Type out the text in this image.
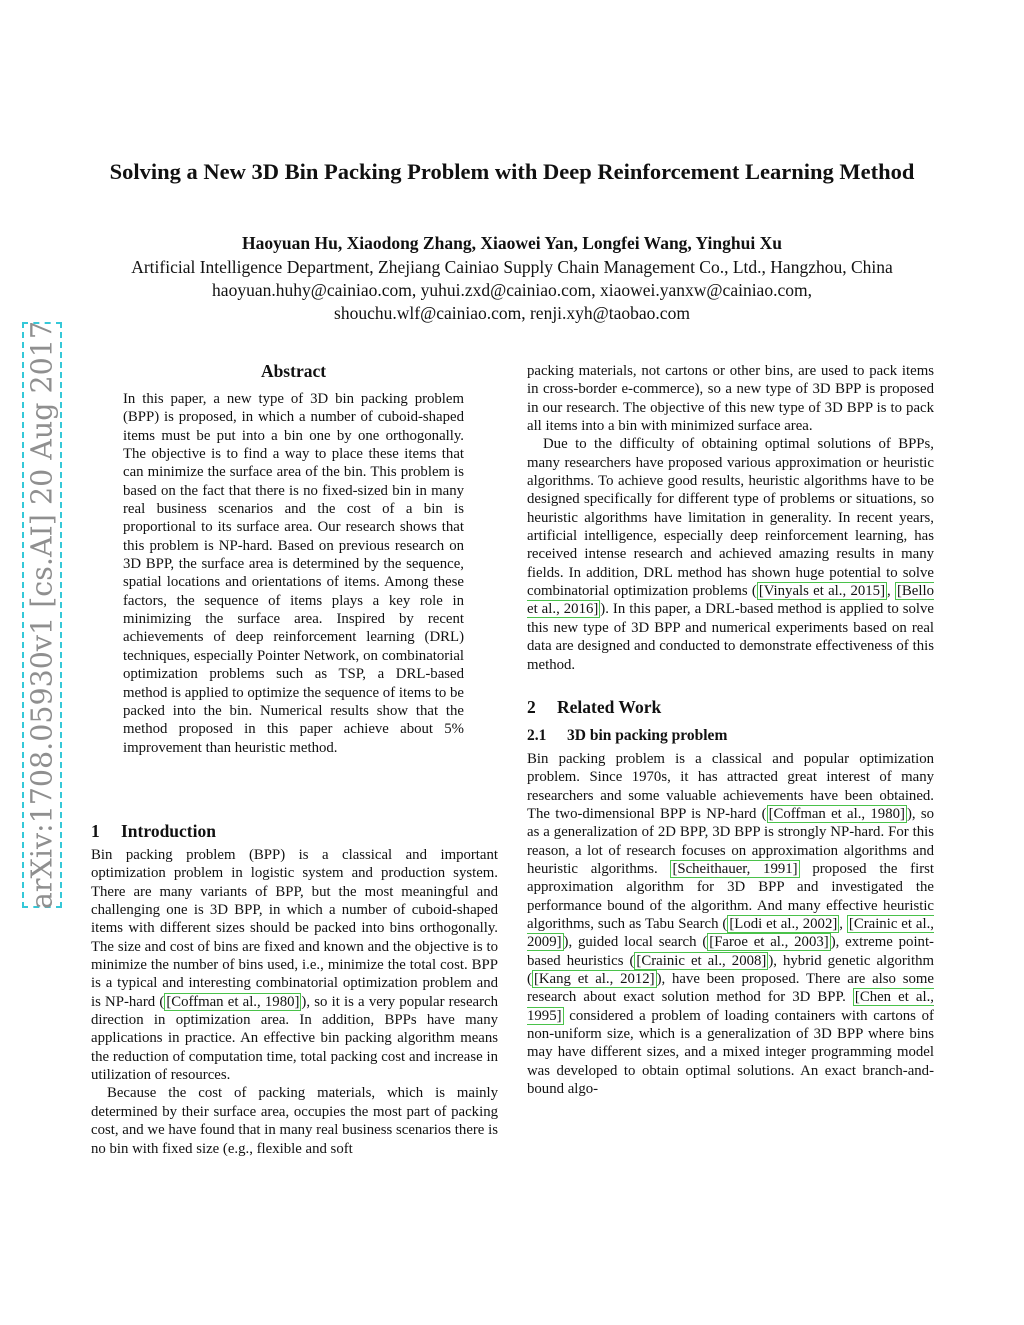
Solving a New 3D Bin Packing Problem with Deep Reinforcement Learning Method
Haoyuan Hu, Xiaodong Zhang, Xiaowei Yan, Longfei Wang, Yinghui Xu
Artificial Intelligence Department, Zhejiang Cainiao Supply Chain Management Co., Ltd., Hangzhou, China
haoyuan.huhy@cainiao.com, yuhui.zxd@cainiao.com, xiaowei.yanxw@cainiao.com,
shouchu.wlf@cainiao.com, renji.xyh@taobao.com
arXiv:1708.05930v1 [cs.AI] 20 Aug 2017	Abstract

In this paper, a new type of 3D bin packing problem (BPP) is proposed, in which a number of cuboid-shaped items must be put into a bin one by one orthogonally. The objective is to find a way to place these items that can minimize the surface area of the bin. This problem is based on the fact that there is no fixed-sized bin in many real business scenarios and the cost of a bin is proportional to its surface area. Our research shows that this problem is NP-hard. Based on previous research on 3D BPP, the surface area is determined by the sequence, spatial locations and orientations of items. Among these factors, the sequence of items plays a key role in minimizing the surface area. Inspired by recent achievements of deep reinforcement learning (DRL) techniques, especially Pointer Network, on combinatorial optimization problems such as TSP, a DRL-based method is applied to optimize the sequence of items to be packed into the bin. Numerical results show that the method proposed in this paper achieve about 5% improvement than heuristic method.

1 Introduction

Bin packing problem (BPP) is a classical and important optimization problem in logistic system and production system. There are many variants of BPP, but the most meaningful and challenging one is 3D BPP, in which a number of cuboid-shaped items with different sizes should be packed into bins orthogonally. The size and cost of bins are fixed and known and the objective is to minimize the number of bins used, i.e., minimize the total cost. BPP is a typical and interesting combinatorial optimization problem and is NP-hard ( [Coffman et al., 1980] ), so it is a very popular research direction in optimization area. In addition, BPPs have many applications in practice. An effective bin packing algorithm means the reduction of computation time, total packing cost and increase in utilization of resources.

Because the cost of packing materials, which is mainly determined by their surface area, occupies the most part of packing cost, and we have found that in many real business scenarios there is no bin with fixed size (e.g., flexible and soft

packing materials, not cartons or other bins, are used to pack items in cross-border e-commerce), so a new type of 3D BPP is proposed in our research. The objective of this new type of 3D BPP is to pack all items into a bin with minimized surface area.

Due to the difficulty of obtaining optimal solutions of BPPs, many researchers have proposed various approximation or heuristic algorithms. To achieve good results, heuristic algorithms have to be designed specifically for different type of problems or situations, so heuristic algorithms have limitation in generality. In recent years, artificial intelligence, especially deep reinforcement learning, has received intense research and achieved amazing results in many fields. In addition, DRL method has shown huge potential to solve combinatorial optimization problems ( [Vinyals et al., 2015] , [Bello et al., 2016] ). In this paper, a DRL-based method is applied to solve this new type of 3D BPP and numerical experiments based on real data are designed and conducted to demonstrate effectiveness of this method.

2 Related Work
2.1 3D bin packing problem

Bin packing problem is a classical and popular optimization problem. Since 1970s, it has attracted great interest of many researchers and some valuable achievements have been obtained. The two-dimensional BPP is NP-hard ( [Coffman et al., 1980] ), so as a generalization of 2D BPP, 3D BPP is strongly NP-hard. For this reason, a lot of research focuses on approximation algorithms and heuristic algorithms. [Scheithauer, 1991] proposed the first approximation algorithm for 3D BPP and investigated the performance bound of the algorithm. And many effective heuristic algorithms, such as Tabu Search ( [Lodi et al., 2002] , [Crainic et al., 2009] ), guided local search ( [Faroe et al., 2003] ), extreme point-based heuristics ( [Crainic et al., 2008] ), hybrid genetic algorithm ( [Kang et al., 2012] ), have been proposed. There are also some research about exact solution method for 3D BPP. [Chen et al., 1995] considered a problem of loading containers with cartons of non-uniform size, which is a generalization of 3D BPP where bins may have different sizes, and a mixed integer programming model was developed to obtain optimal solutions. An exact branch-and-bound algo-
